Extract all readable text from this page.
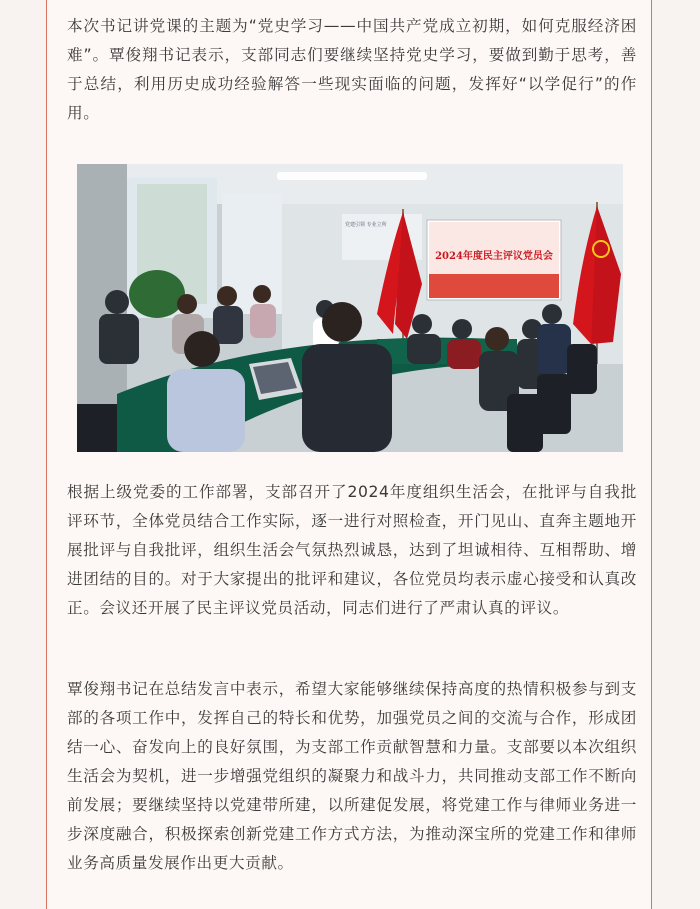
本次书记讲党课的主题为“党史学习——中国共产党成立初期，如何克服经济困难”。覃俊翔书记表示，支部同志们要继续坚持党史学习，要做到勤于思考，善于总结，利用历史成功经验解答一些现实面临的问题，发挥好“以学促行”的作用。

党建引领 专业立所
2024年度民主评议党员会

根据上级党委的工作部署，支部召开了2024年度组织生活会，在批评与自我批评环节，全体党员结合工作实际，逐一进行对照检查，开门见山、直奔主题地开展批评与自我批评，组织生活会气氛热烈诚恳，达到了坦诚相待、互相帮助、增进团结的目的。对于大家提出的批评和建议，各位党员均表示虚心接受和认真改正。会议还开展了民主评议党员活动，同志们进行了严肃认真的评议。

覃俊翔书记在总结发言中表示，希望大家能够继续保持高度的热情积极参与到支部的各项工作中，发挥自己的特长和优势，加强党员之间的交流与合作，形成团结一心、奋发向上的良好氛围，为支部工作贡献智慧和力量。支部要以本次组织生活会为契机，进一步增强党组织的凝聚力和战斗力，共同推动支部工作不断向前发展；要继续坚持以党建带所建，以所建促发展，将党建工作与律师业务进一步深度融合，积极探索创新党建工作方式方法，为推动深宝所的党建工作和律师业务高质量发展作出更大贡献。
